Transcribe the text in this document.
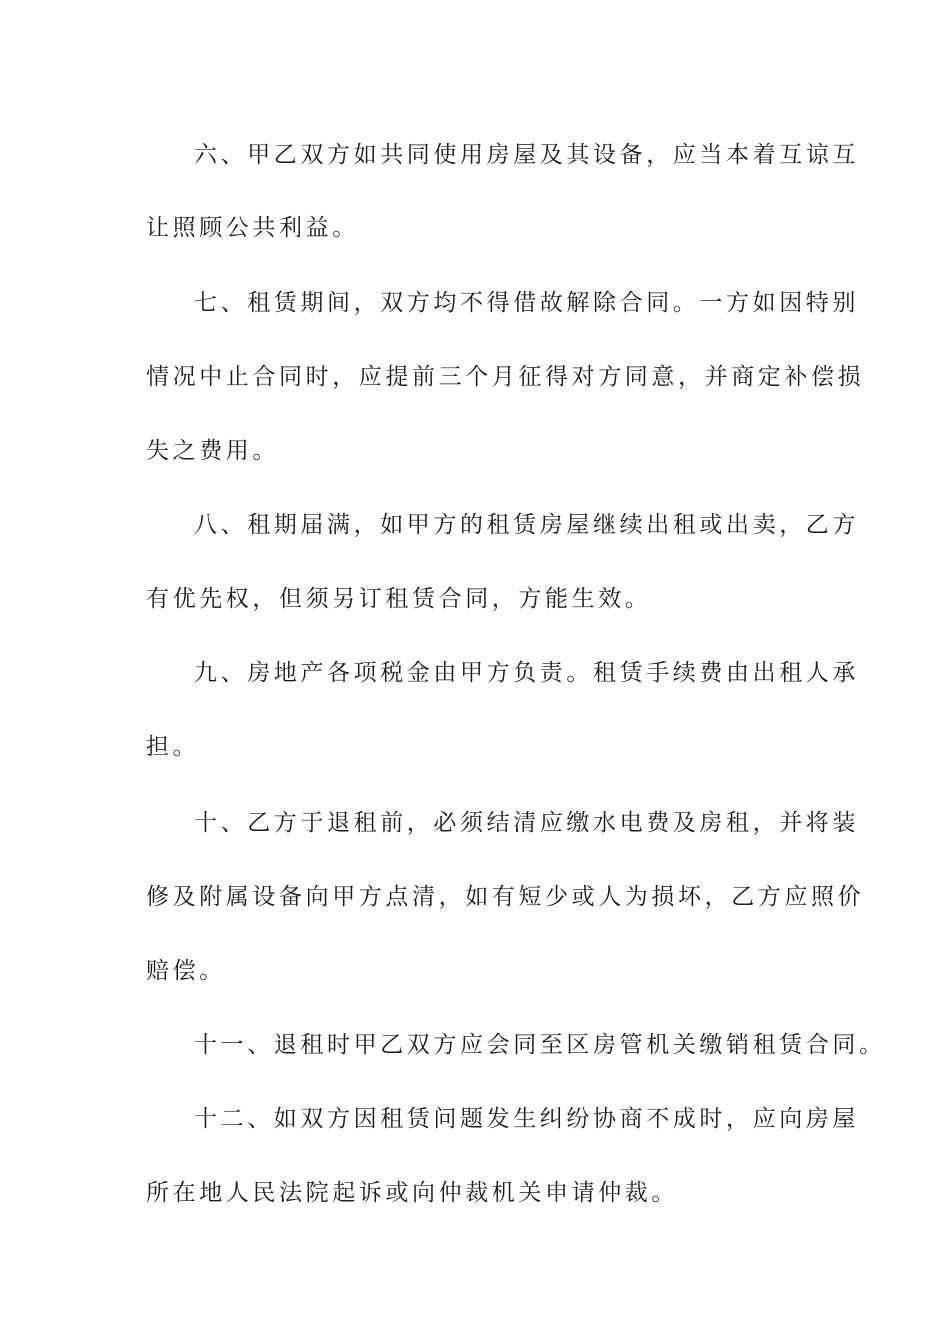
六、甲乙双方如共同使用房屋及其设备，应当本着互谅互
让照顾公共利益。
七、租赁期间，双方均不得借故解除合同。一方如因特别
情况中止合同时，应提前三个月征得对方同意，并商定补偿损
失之费用。
八、租期届满，如甲方的租赁房屋继续出租或出卖，乙方
有优先权，但须另订租赁合同，方能生效。
九、房地产各项税金由甲方负责。租赁手续费由出租人承
担。
十、乙方于退租前，必须结清应缴水电费及房租，并将装
修及附属设备向甲方点清，如有短少或人为损坏，乙方应照价
赔偿。
十一、退租时甲乙双方应会同至区房管机关缴销租赁合同。
十二、如双方因租赁问题发生纠纷协商不成时，应向房屋
所在地人民法院起诉或向仲裁机关申请仲裁。
